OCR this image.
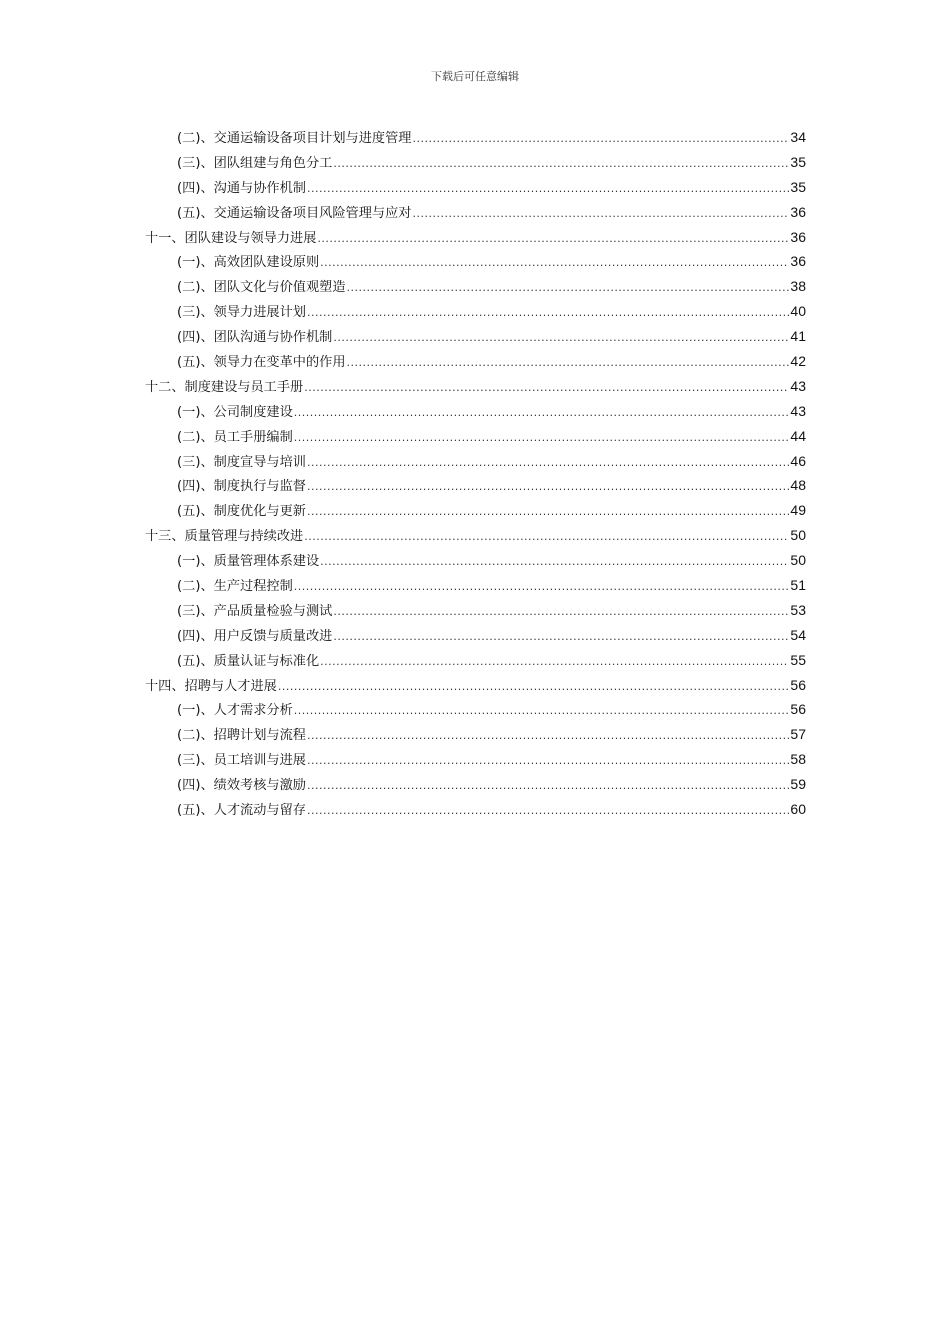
下载后可任意编辑
(二)、交通运输设备项目计划与进度管理 .....	34
(三)、团队组建与角色分工 .....	35
(四)、沟通与协作机制 .....	35
(五)、交通运输设备项目风险管理与应对 .....	36
十一、团队建设与领导力进展 .....	36
(一)、高效团队建设原则 .....	36
(二)、团队文化与价值观塑造 .....	38
(三)、领导力进展计划 .....	40
(四)、团队沟通与协作机制 .....	41
(五)、领导力在变革中的作用 .....	42
十二、制度建设与员工手册 .....	43
(一)、公司制度建设 .....	43
(二)、员工手册编制 .....	44
(三)、制度宣导与培训 .....	46
(四)、制度执行与监督 .....	48
(五)、制度优化与更新 .....	49
十三、质量管理与持续改进 .....	50
(一)、质量管理体系建设 .....	50
(二)、生产过程控制 .....	51
(三)、产品质量检验与测试 .....	53
(四)、用户反馈与质量改进 .....	54
(五)、质量认证与标准化 .....	55
十四、招聘与人才进展 .....	56
(一)、人才需求分析 .....	56
(二)、招聘计划与流程 .....	57
(三)、员工培训与进展 .....	58
(四)、绩效考核与激励 .....	59
(五)、人才流动与留存 .....	60
